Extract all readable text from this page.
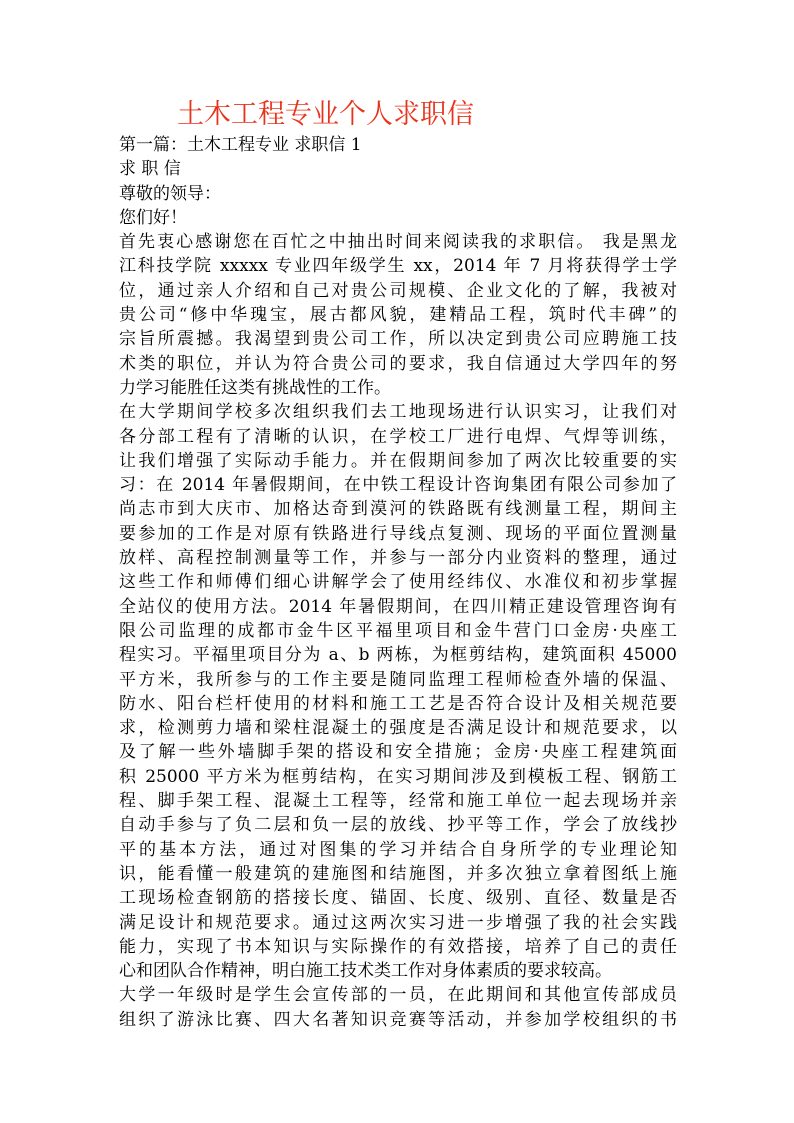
土木工程专业个人求职信
第一篇：土木工程专业 求职信 1
求 职 信
尊敬的领导：
您们好！
首先衷心感谢您在百忙之中抽出时间来阅读我的求职信。 我是黑龙
江科技学院 xxxxx 专业四年级学生 xx，2014 年 7 月将获得学士学
位，通过亲人介绍和自己对贵公司规模、企业文化的了解，我被对
贵公司“修中华瑰宝，展古都风貌，建精品工程，筑时代丰碑”的
宗旨所震撼。我渴望到贵公司工作，所以决定到贵公司应聘施工技
术类的职位，并认为符合贵公司的要求，我自信通过大学四年的努
力学习能胜任这类有挑战性的工作。
在大学期间学校多次组织我们去工地现场进行认识实习，让我们对
各分部工程有了清晰的认识，在学校工厂进行电焊、气焊等训练，
让我们增强了实际动手能力。并在假期间参加了两次比较重要的实
习：在 2014 年暑假期间，在中铁工程设计咨询集团有限公司参加了
尚志市到大庆市、加格达奇到漠河的铁路既有线测量工程，期间主
要参加的工作是对原有铁路进行导线点复测、现场的平面位置测量
放样、高程控制测量等工作，并参与一部分内业资料的整理，通过
这些工作和师傅们细心讲解学会了使用经纬仪、水准仪和初步掌握
全站仪的使用方法。2014 年暑假期间，在四川精正建设管理咨询有
限公司监理的成都市金牛区平福里项目和金牛营门口金房·央座工
程实习。平福里项目分为 a、b 两栋，为框剪结构，建筑面积 45000
平方米，我所参与的工作主要是随同监理工程师检查外墙的保温、
防水、阳台栏杆使用的材料和施工工艺是否符合设计及相关规范要
求，检测剪力墙和梁柱混凝土的强度是否满足设计和规范要求，以
及了解一些外墙脚手架的搭设和安全措施；金房·央座工程建筑面
积 25000 平方米为框剪结构，在实习期间涉及到模板工程、钢筋工
程、脚手架工程、混凝土工程等，经常和施工单位一起去现场并亲
自动手参与了负二层和负一层的放线、抄平等工作，学会了放线抄
平的基本方法，通过对图集的学习并结合自身所学的专业理论知
识，能看懂一般建筑的建施图和结施图，并多次独立拿着图纸上施
工现场检查钢筋的搭接长度、锚固、长度、级别、直径、数量是否
满足设计和规范要求。通过这两次实习进一步增强了我的社会实践
能力，实现了书本知识与实际操作的有效搭接，培养了自己的责任
心和团队合作精神，明白施工技术类工作对身体素质的要求较高。
大学一年级时是学生会宣传部的一员，在此期间和其他宣传部成员
组织了游泳比赛、四大名著知识竞赛等活动，并参加学校组织的书
